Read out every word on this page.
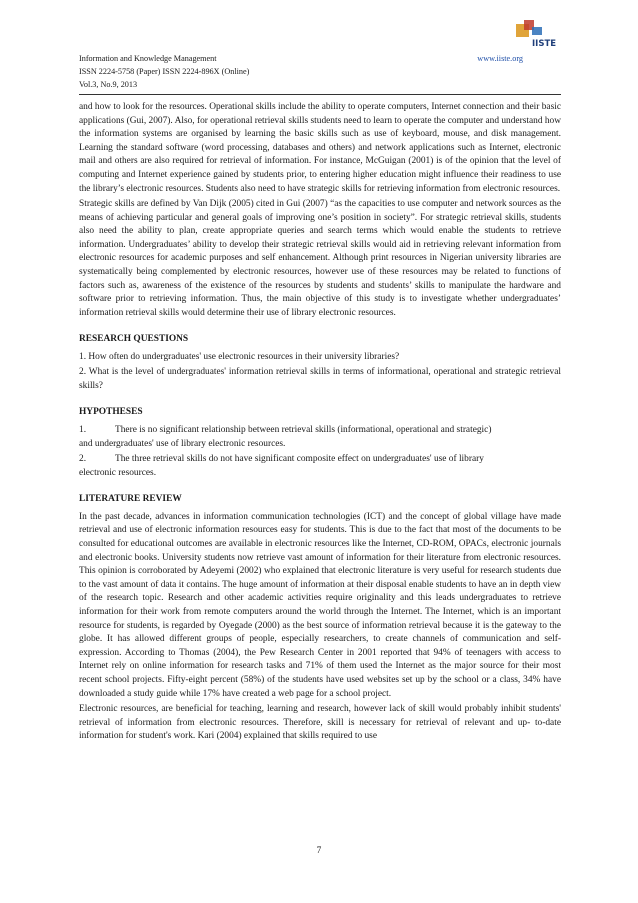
Information and Knowledge Management
ISSN 2224-5758 (Paper) ISSN 2224-896X (Online)
Vol.3, No.9, 2013
www.iiste.org
IISTE

and how to look for the resources. Operational skills include the ability to operate computers, Internet connection and their basic applications (Gui, 2007). Also, for operational retrieval skills students need to learn to operate the computer and understand how the information systems are organised by learning the basic skills such as use of keyboard, mouse, and disk management. Learning the standard software (word processing, databases and others) and network applications such as Internet, electronic mail and others are also required for retrieval of information. For instance, McGuigan (2001) is of the opinion that the level of computing and Internet experience gained by students prior, to entering higher education might influence their readiness to use the library’s electronic resources. Students also need to have strategic skills for retrieving information from electronic resources.

Strategic skills are defined by Van Dijk (2005) cited in Gui (2007) “as the capacities to use computer and network sources as the means of achieving particular and general goals of improving one’s position in society”. For strategic retrieval skills, students also need the ability to plan, create appropriate queries and search terms which would enable the students to retrieve information. Undergraduates’ ability to develop their strategic retrieval skills would aid in retrieving relevant information from electronic resources for academic purposes and self enhancement. Although print resources in Nigerian university libraries are systematically being complemented by electronic resources, however use of these resources may be related to functions of factors such as, awareness of the existence of the resources by students and students’ skills to manipulate the hardware and software prior to retrieving information. Thus, the main objective of this study is to investigate whether undergraduates’ information retrieval skills would determine their use of library electronic resources.

RESEARCH QUESTIONS

1. How often do undergraduates' use electronic resources in their university libraries?

2. What is the level of undergraduates' information retrieval skills in terms of informational, operational and strategic retrieval skills?

HYPOTHESES
1.	There is no significant relationship between retrieval skills (informational, operational and strategic)
and undergraduates' use of library electronic resources.
2.	The three retrieval skills do not have significant composite effect on undergraduates' use of library
electronic resources.
LITERATURE REVIEW

In the past decade, advances in information communication technologies (ICT) and the concept of global village have made retrieval and use of electronic information resources easy for students. This is due to the fact that most of the documents to be consulted for educational outcomes are available in electronic resources like the Internet, CD-ROM, OPACs, electronic journals and electronic books. University students now retrieve vast amount of information for their literature from electronic resources. This opinion is corroborated by Adeyemi (2002) who explained that electronic literature is very useful for research students due to the vast amount of data it contains. The huge amount of information at their disposal enable students to have an in depth view of the research topic. Research and other academic activities require originality and this leads undergraduates to retrieve information for their work from remote computers around the world through the Internet. The Internet, which is an important resource for students, is regarded by Oyegade (2000) as the best source of information retrieval because it is the gateway to the globe. It has allowed different groups of people, especially researchers, to create channels of communication and self-expression. According to Thomas (2004), the Pew Research Center in 2001 reported that 94% of teenagers with access to Internet rely on online information for research tasks and 71% of them used the Internet as the major source for their most recent school projects. Fifty-eight percent (58%) of the students have used websites set up by the school or a class, 34% have downloaded a study guide while 17% have created a web page for a school project.

Electronic resources, are beneficial for teaching, learning and research, however lack of skill would probably inhibit students' retrieval of information from electronic resources. Therefore, skill is necessary for retrieval of relevant and up- to-date information for student's work. Kari (2004) explained that skills required to use

7
